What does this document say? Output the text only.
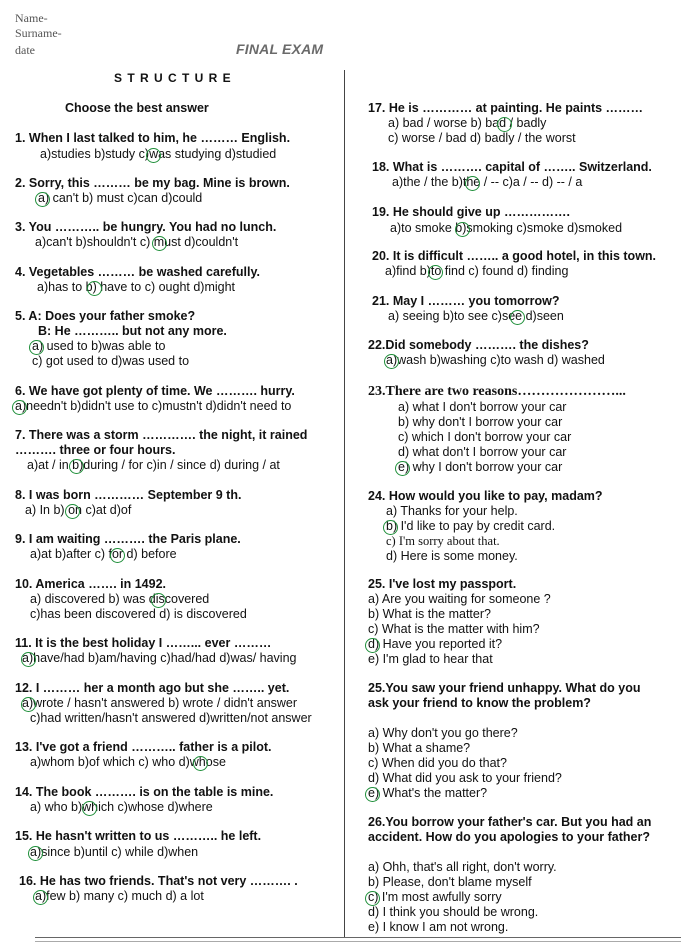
Name-
Surname-
date	FINAL EXAM
S T R U C T U R E
Choose the best answer
1. When I last talked to him, he ……… English.
a)studies b)study c)was studying d)studied
2. Sorry, this ……… be my bag. Mine is brown.
a) can't b) must c)can d)could
3. You ……….. be hungry. You had no lunch.
a)can't b)shouldn't c) must d)couldn't
4. Vegetables ……… be washed carefully.
a)has to b) have to c) ought d)might
5. A: Does your father smoke?
B: He ……….. but not any more.
a) used to b)was able to
c) got used to d)was used to
6. We have got plenty of time. We ………. hurry.
a)needn't b)didn't use to c)mustn't d)didn't need to
7. There was a storm …………. the night, it rained
………. three or four hours.
a)at / in b)during / for c)in / since d) during / at
8. I was born ………… September 9 th.
a) In b) on c)at d)of
9. I am waiting ………. the Paris plane.
a)at b)after c) for d) before
10. America ……. in 1492.
a) discovered b) was discovered
c)has been discovered d) is discovered
11. It is the best holiday I ……... ever ………
a)have/had b)am/having c)had/had d)was/ having
12. I ……… her a month ago but she …….. yet.
a)wrote / hasn't answered b) wrote / didn't answer
c)had written/hasn't answered d)written/not answer
13. I've got a friend ……….. father is a pilot.
a)whom b)of which c) who d)whose
14. The book ………. is on the table is mine.
a) who b)which c)whose d)where
15. He hasn't written to us ……….. he left.
a)since b)until c) while d)when
16. He has two friends. That's not very ………. .
a)few b) many c) much d) a lot
17. He is ………… at painting. He paints ………
a) bad / worse b) bad / badly
c) worse / bad d) badly / the worst
18. What is ………. capital of …….. Switzerland.
a)the / the b)the / -- c)a / -- d) -- / a
19. He should give up …………….
a)to smoke b)smoking c)smoke d)smoked
20. It is difficult …….. a good hotel, in this town.
a)find b)to find c) found d) finding
21. May I ……… you tomorrow?
a) seeing b)to see c)see d)seen
22.Did somebody ………. the dishes?
a)wash b)washing c)to wash d) washed
23.There are two reasons…………………...
a) what I don't borrow your car
b) why don't I borrow your car
c) which I don't borrow your car
d) what don't I borrow your car
e) why I don't borrow your car
24. How would you like to pay, madam?
a) Thanks for your help.
b) I'd like to pay by credit card.
c) I'm sorry about that.
d) Here is some money.
25. I've lost my passport.
a) Are you waiting for someone ?
b) What is the matter?
c) What is the matter with him?
d) Have you reported it?
e) I'm glad to hear that
25.You saw your friend unhappy. What do you
ask your friend to know the problem?
a) Why don't you go there?
b) What a shame?
c) When did you do that?
d) What did you ask to your friend?
e) What's the matter?
26.You borrow your father's car. But you had an
accident. How do you apologies to your father?
a) Ohh, that's all right, don't worry.
b) Please, don't blame myself
c) I'm most awfully sorry
d) I think you should be wrong.
e) I know I am not wrong.
